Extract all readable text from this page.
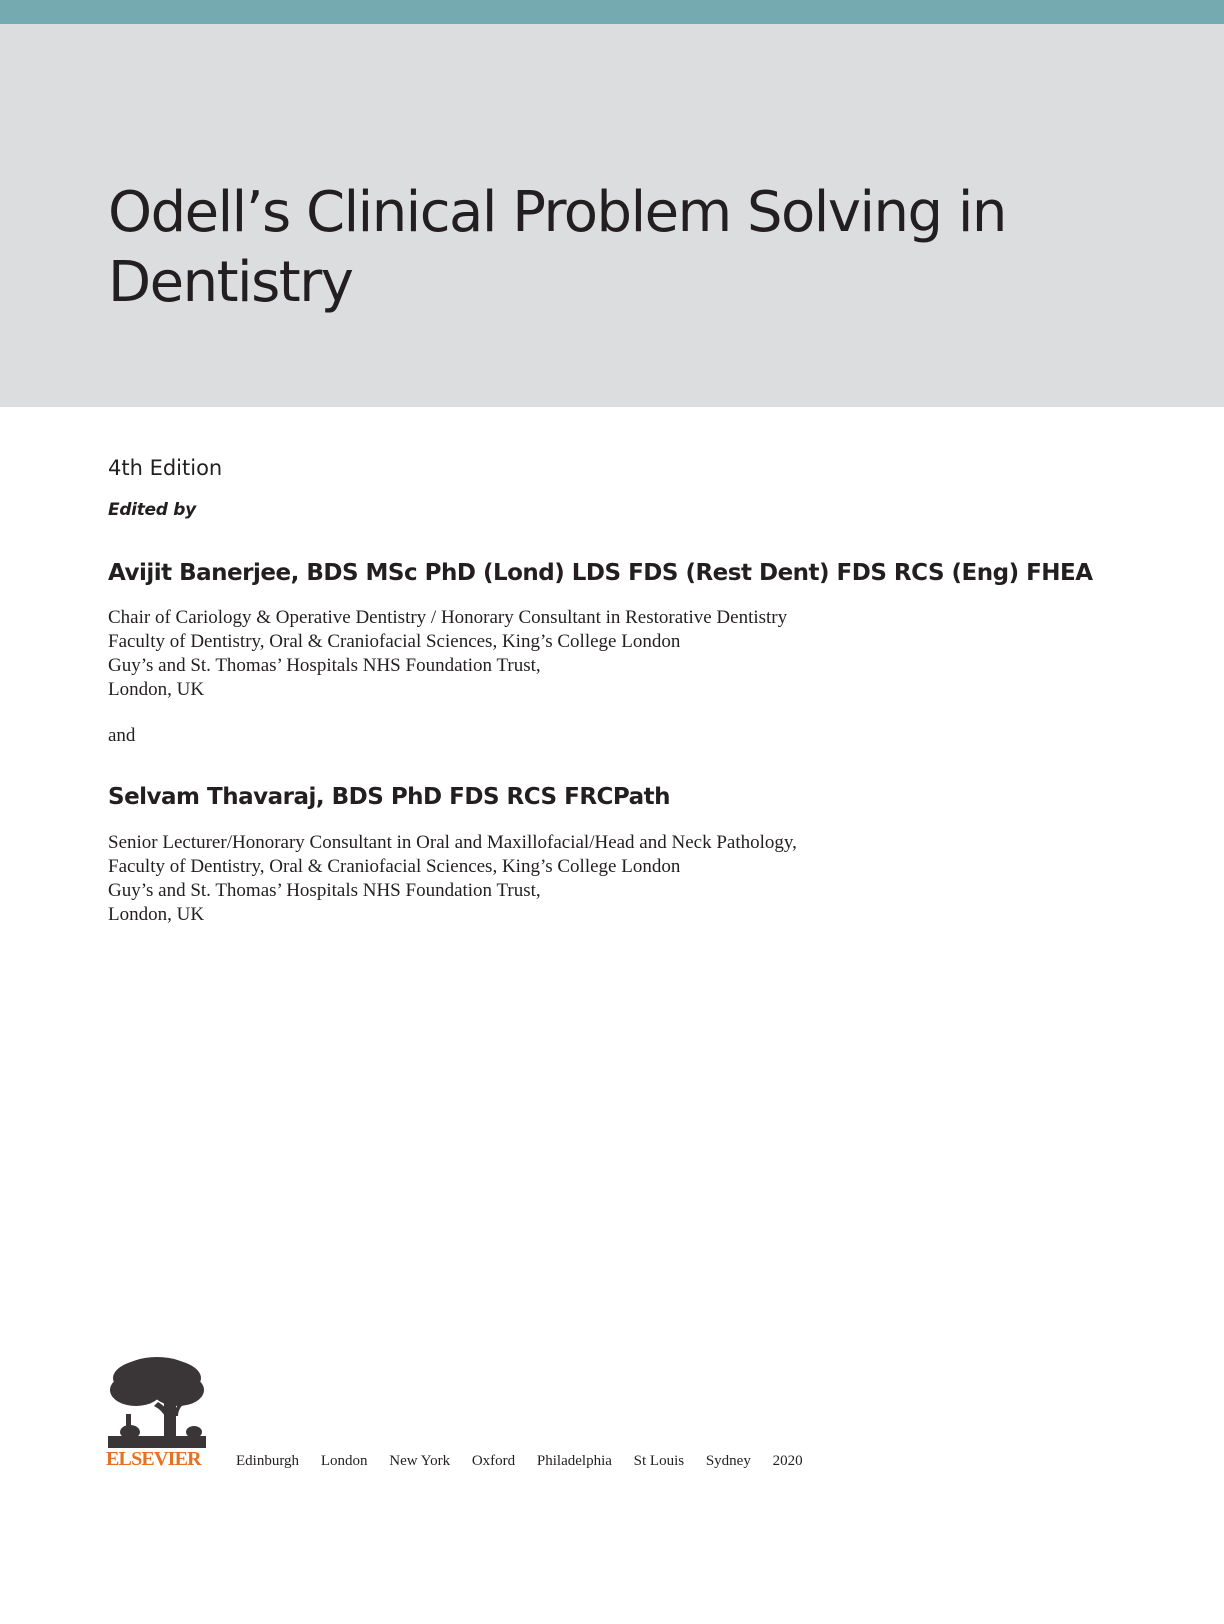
Odell’s Clinical Problem Solving in
Dentistry
4th Edition
Edited by
Avijit Banerjee, BDS MSc PhD (Lond) LDS FDS (Rest Dent) FDS RCS (Eng) FHEA
Chair of Cariology & Operative Dentistry / Honorary Consultant in Restorative Dentistry
Faculty of Dentistry, Oral & Craniofacial Sciences, King’s College London
Guy’s and St. Thomas’ Hospitals NHS Foundation Trust,
London, UK
and
Selvam Thavaraj, BDS PhD FDS RCS FRCPath
Senior Lecturer/Honorary Consultant in Oral and Maxillofacial/Head and Neck Pathology,
Faculty of Dentistry, Oral & Craniofacial Sciences, King’s College London
Guy’s and St. Thomas’ Hospitals NHS Foundation Trust,
London, UK
ELSEVIER Edinburgh London New York Oxford Philadelphia St Louis Sydney 2020
